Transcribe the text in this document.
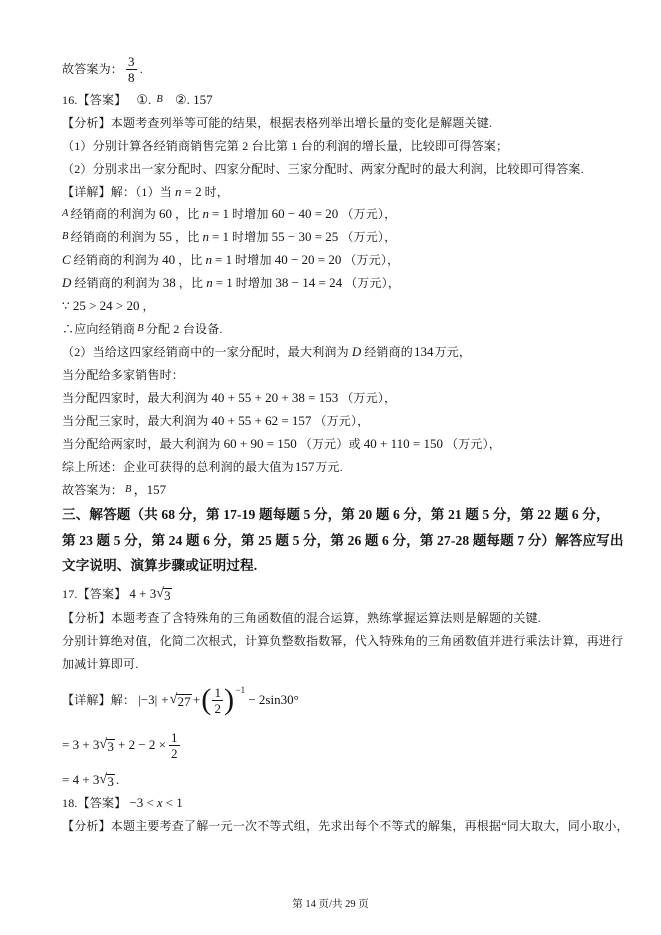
故答案为： $\frac{3}{8}$ .
16.【答案】 ①. B ②. 157
【分析】本题考查列举等可能的结果，根据表格列举出增长量的变化是解题关键.
（1）分别计算各经销商销售完第 2 台比第 1 台的利润的增长量，比较即可得答案；
（2）分别求出一家分配时、四家分配时、三家分配时、两家分配时的最大利润，比较即可得答案.
【详解】解：（1）当 n = 2 时，
A 经销商的利润为 60 ，比 n = 1 时增加 60 − 40 = 20 （万元），
B 经销商的利润为 55 ，比 n = 1 时增加 55 − 30 = 25 （万元），
C 经销商的利润为 40 ，比 n = 1 时增加 40 − 20 = 20 （万元），
D 经销商的利润为 38 ，比 n = 1 时增加 38 − 14 = 24 （万元），
∵ 25 > 24 > 20 ，
∴应向经销商 B 分配 2 台设备.
（2）当给这四家经销商中的一家分配时，最大利润为 D 经销商的 134 万元，
当分配给多家销售时：
当分配四家时，最大利润为 40 + 55 + 20 + 38 = 153 （万元），
当分配三家时，最大利润为 40 + 55 + 62 = 157 （万元），
当分配给两家时，最大利润为 60 + 90 = 150 （万元）或 40 + 110 = 150 （万元），
综上所述：企业可获得的总利润的最大值为 157 万元.
故答案为： B ，157
三、解答题（共 68 分，第 17-19 题每题 5 分，第 20 题 6 分，第 21 题 5 分，第 22 题 6 分，
第 23 题 5 分，第 24 题 6 分，第 25 题 5 分，第 26 题 6 分，第 27-28 题每题 7 分）解答应写出
文字说明、演算步骤或证明过程.
17.【答案】 4 + 3 √ 3
【分析】本题考查了含特殊角的三角函数值的混合运算，熟练掌握运算法则是解题的关键.
分别计算绝对值，化简二次根式，计算负整数指数幂，代入特殊角的三角函数值并进行乘法计算，再进行
加减计算即可.
【详解】解： |−3| + √ 27 + ( $\frac{1}{2}$ ) −1
− 2sin30°
= 3 + 3 √ $3 + 2 - 2 \times \frac{1}{2}$
= 4 + 3 √ 3 .
18.【答案】 −3 < x < 1
【分析】本题主要考查了解一元一次不等式组，先求出每个不等式的解集，再根据“同大取大，同小取小，
第 14 页/共 29 页
